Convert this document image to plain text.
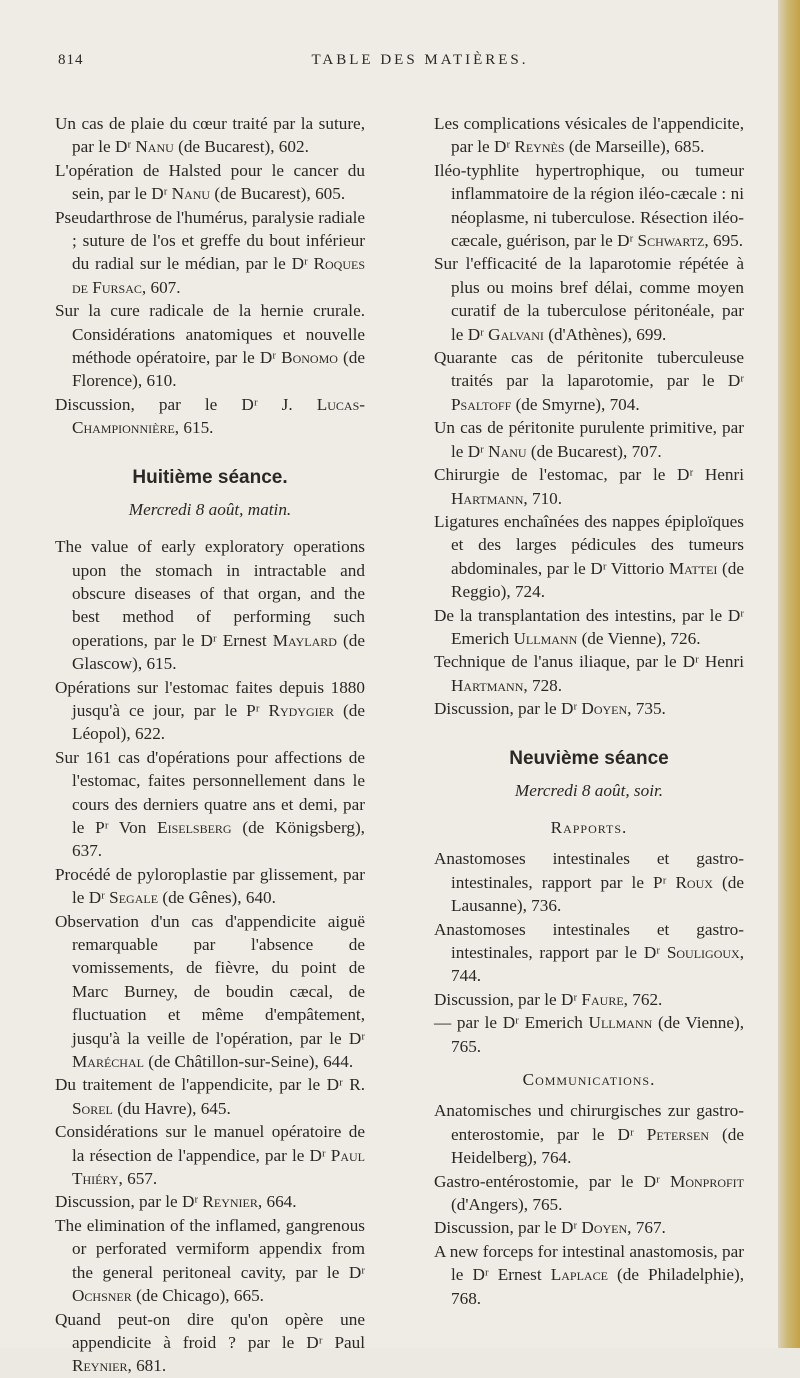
814	TABLE DES MATIÈRES.

Un cas de plaie du cœur traité par la suture, par le Dʳ Nanu (de Bucarest), 602.

L'opération de Halsted pour le cancer du sein, par le Dʳ Nanu (de Bucarest), 605.

Pseudarthrose de l'humérus, paralysie radiale ; suture de l'os et greffe du bout inférieur du radial sur le médian, par le Dʳ Roques de Fursac, 607.

Sur la cure radicale de la hernie crurale. Considérations anatomiques et nouvelle méthode opératoire, par le Dʳ Bonomo (de Florence), 610.

Discussion, par le Dʳ J. Lucas-Championnière, 615.

Huitième séance.
Mercredi 8 août, matin.

The value of early exploratory operations upon the stomach in intractable and obscure diseases of that organ, and the best method of performing such operations, par le Dʳ Ernest Maylard (de Glascow), 615.

Opérations sur l'estomac faites depuis 1880 jusqu'à ce jour, par le Pʳ Rydygier (de Léopol), 622.

Sur 161 cas d'opérations pour affections de l'estomac, faites personnellement dans le cours des derniers quatre ans et demi, par le Pʳ Von Eiselsberg (de Königsberg), 637.

Procédé de pyloroplastie par glissement, par le Dʳ Segale (de Gênes), 640.

Observation d'un cas d'appendicite aiguë remarquable par l'absence de vomissements, de fièvre, du point de Marc Burney, de boudin cæcal, de fluctuation et même d'empâtement, jusqu'à la veille de l'opération, par le Dʳ Maréchal (de Châtillon-sur-Seine), 644.

Du traitement de l'appendicite, par le Dʳ R. Sorel (du Havre), 645.

Considérations sur le manuel opératoire de la résection de l'appendice, par le Dʳ Paul Thiéry, 657.

Discussion, par le Dʳ Reynier, 664.

The elimination of the inflamed, gangrenous or perforated vermiform appendix from the general peritoneal cavity, par le Dʳ Ochsner (de Chicago), 665.

Quand peut-on dire qu'on opère une appendicite à froid ? par le Dʳ Paul Reynier, 681.

Les complications vésicales de l'appendicite, par le Dʳ Reynès (de Marseille), 685.

Iléo-typhlite hypertrophique, ou tumeur inflammatoire de la région iléo-cæcale : ni néoplasme, ni tuberculose. Résection iléo-cæcale, guérison, par le Dʳ Schwartz, 695.

Sur l'efficacité de la laparotomie répétée à plus ou moins bref délai, comme moyen curatif de la tuberculose péritonéale, par le Dʳ Galvani (d'Athènes), 699.

Quarante cas de péritonite tuberculeuse traités par la laparotomie, par le Dʳ Psaltoff (de Smyrne), 704.

Un cas de péritonite purulente primitive, par le Dʳ Nanu (de Bucarest), 707.

Chirurgie de l'estomac, par le Dʳ Henri Hartmann, 710.

Ligatures enchaînées des nappes épiploïques et des larges pédicules des tumeurs abdominales, par le Dʳ Vittorio Mattei (de Reggio), 724.

De la transplantation des intestins, par le Dʳ Emerich Ullmann (de Vienne), 726.

Technique de l'anus iliaque, par le Dʳ Henri Hartmann, 728.

Discussion, par le Dʳ Doyen, 735.

Neuvième séance
Mercredi 8 août, soir.
Rapports.

Anastomoses intestinales et gastro-intestinales, rapport par le Pʳ Roux (de Lausanne), 736.

Anastomoses intestinales et gastro-intestinales, rapport par le Dʳ Souligoux, 744.

Discussion, par le Dʳ Faure, 762.

— par le Dʳ Emerich Ullmann (de Vienne), 765.

Communications.

Anatomisches und chirurgisches zur gastro-enterostomie, par le Dʳ Petersen (de Heidelberg), 764.

Gastro-entérostomie, par le Dʳ Monprofit (d'Angers), 765.

Discussion, par le Dʳ Doyen, 767.

A new forceps for intestinal anastomosis, par le Dʳ Ernest Laplace (de Philadelphie), 768.
